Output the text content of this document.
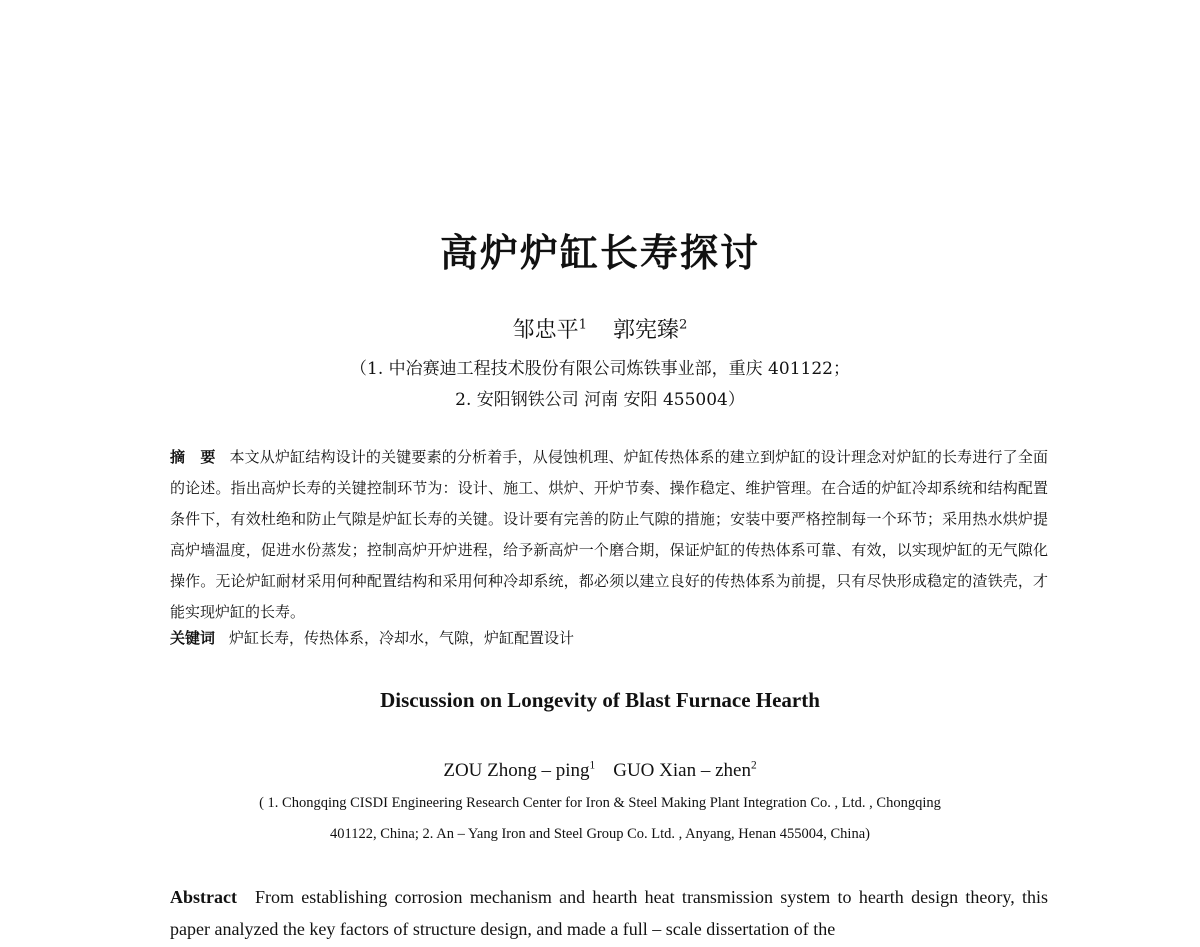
高炉炉缸长寿探讨
邹忠平$^1$ 郭宪臻$^2$
（1. 中冶赛迪工程技术股份有限公司炼铁事业部，重庆 401122；
2. 安阳钢铁公司 河南 安阳 455004）
摘　要 本文从炉缸结构设计的关键要素的分析着手，从侵蚀机理、炉缸传热体系的建立到炉缸的设计理念对炉缸的长寿进行了全面的论述。指出高炉长寿的关键控制环节为：设计、施工、烘炉、开炉节奏、操作稳定、维护管理。在合适的炉缸冷却系统和结构配置条件下，有效杜绝和防止气隙是炉缸长寿的关键。设计要有完善的防止气隙的措施；安装中要严格控制每一个环节；采用热水烘炉提高炉墙温度，促进水份蒸发；控制高炉开炉进程，给予新高炉一个磨合期，保证炉缸的传热体系可靠、有效，以实现炉缸的无气隙化操作。无论炉缸耐材采用何种配置结构和采用何种冷却系统，都必须以建立良好的传热体系为前提，只有尽快形成稳定的渣铁壳，才能实现炉缸的长寿。
关键词 炉缸长寿，传热体系，冷却水，气隙，炉缸配置设计
Discussion on Longevity of Blast Furnace Hearth
ZOU Zhong – ping$^1$ GUO Xian – zhen$^2$
( 1. Chongqing CISDI Engineering Research Center for Iron & Steel Making Plant Integration Co. , Ltd. , Chongqing
401122, China; 2. An – Yang Iron and Steel Group Co. Ltd. , Anyang, Henan 455004, China)
Abstract From establishing corrosion mechanism and hearth heat transmission system to hearth design theory, this paper analyzed the key factors of structure design, and made a full – scale dissertation of the
